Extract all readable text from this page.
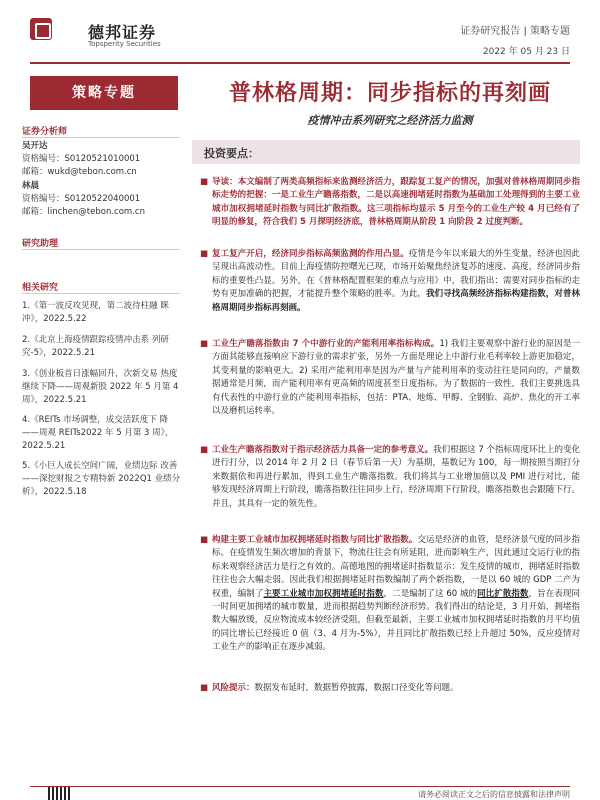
德邦证券
Topsperity Securities
证券研究报告 | 策略专题
2022 年 05 月 23 日
策略专题
证券分析师
吴开达
资格编号：S0120521010001
邮箱：wukd@tebon.com.cn
林晨
资格编号：S0120522040001
邮箱：linchen@tebon.com.cn
研究助理
相关研究
1.《第一波反攻见现，第二波待柱融 眯冲》，2022.5.22
2.《北京上海疫情跟踪疫情冲击系 列研究-5》，2022.5.21
3.《创业板首日涨幅回升，次新交易 热度继续下降——周观新股 2022 年 5 月第 4 周》，2022.5.21
4.《REITs 市场调整，成交活跃度下 降——周观 REITs2022 年 5 月第 3 周》，2022.5.21
5.《小巨人成长空间广阔，业绩边际 改善——深挖财报之专精特新 2022Q1 业绩分析》，2022.5.18
普林格周期：同步指标的再刻画
疫情冲击系列研究之经济活力监测
投资要点：
■ 导读：本文编制了两类高频指标来监测经济活力，跟踪复工复产的情况，加强对普林格周期同步指标走势的把握：一是工业生产瞻落指数，二是以高速拥堵延时指数为基础加工处理得到的主要工业城市加权拥堵延时指数与同比扩散指数。这三项指标均显示 5 月至今的工业生产较 4 月已经有了明显的修复，符合我们 5 月探明经济底，普林格周期从阶段 1 向阶段 2 过度判断。
■ 复工复产开启，经济同步指标高频监测的作用凸显。疫情是今年以来最大的外生变量，经济也因此呈现出高波动性。目前上海疫情防控曙光已现，市场开始聚焦经济复苏的速度、高度，经济同步指标的重要性凸显。另外，在《普林格配置框架的难点与应用》中，我们指出：需要对同步指标的走势有更加准确的把握，才能提升整个策略的胜率。为此，我们寻找高频经济指标构建指数，对普林格周期同步指标再刻画。
■ 工业生产瞻落指数由 7 个中游行业的产能利用率指标构成。1) 我们主要观察中游行业的原因是一方面其能够直接响应下游行业的需求扩张，另外一方面是理论上中游行业毛利率较上游更加稳定，其变利量的影响更大。2) 采用产能利用率是因为产量与产能利用率的变动往往是同向的，产量数据通常是月频，而产能利用率有更高频的周度甚至日度指标。为了数据的一致性，我们主要挑选具有代表性的中游行业的产能利用率指标，包括：PTA、地炼、甲醇、全钢胎、高炉、焦化的开工率以及磨机运转率。
■ 工业生产瞻落指数对于指示经济活力具备一定的参考意义。我们根据这 7 个指标周度环比上的变化进行打分，以 2014 年 2 月 2 日（春节后第一天）为基期，基数记为 100，每一期按照当期打分来数据依和再进行累加，得到工业生产瞻落指数。我们将其与工业增加值以及 PMI 进行对比，能够发现经济周期上行阶段，瞻落指数往往同步上行，经济周期下行阶段，瞻落指数也会跟随下行。并且，其具有一定的领先性。
■ 构建主要工业城市加权拥堵延时指数与同比扩散指数。交运是经济的血管，是经济景气度的同步指标。在疫情发生频次增加的背景下，物流往往会有所延阻，进而影响生产，因此通过交运行业的指标来观察经济活力是行之有效的。高德地图的拥堵延时指数显示：发生疫情的城市，拥堵延时指数往往也会大幅走弱。因此我们根据拥堵延时指数编制了两个新指数，一是以 60 城的 GDP 二产为权重，编制了主要工业城市加权拥堵延时指数，二是编制了这 60 城的同比扩散指数，旨在表现同一时间更加拥堵的城市数量，进而根据趋势判断经济形势。我们得出的结论是，3 月开始，拥堵指数大幅放缓，反应物流成本较经济受阻，但截至最新，主要工业城市加权拥堵延时指数的月平均值的同比增长已经接近 0 值（3、4 月为-5%），并且同比扩散指数已经上升超过 50%，反应疫情对工业生产的影响正在逐步减弱。
■ 风险提示：数据发布延时，数据暂停披露，数据口径变化等问题。
请务必阅读正文之后的信息披露和法律声明
